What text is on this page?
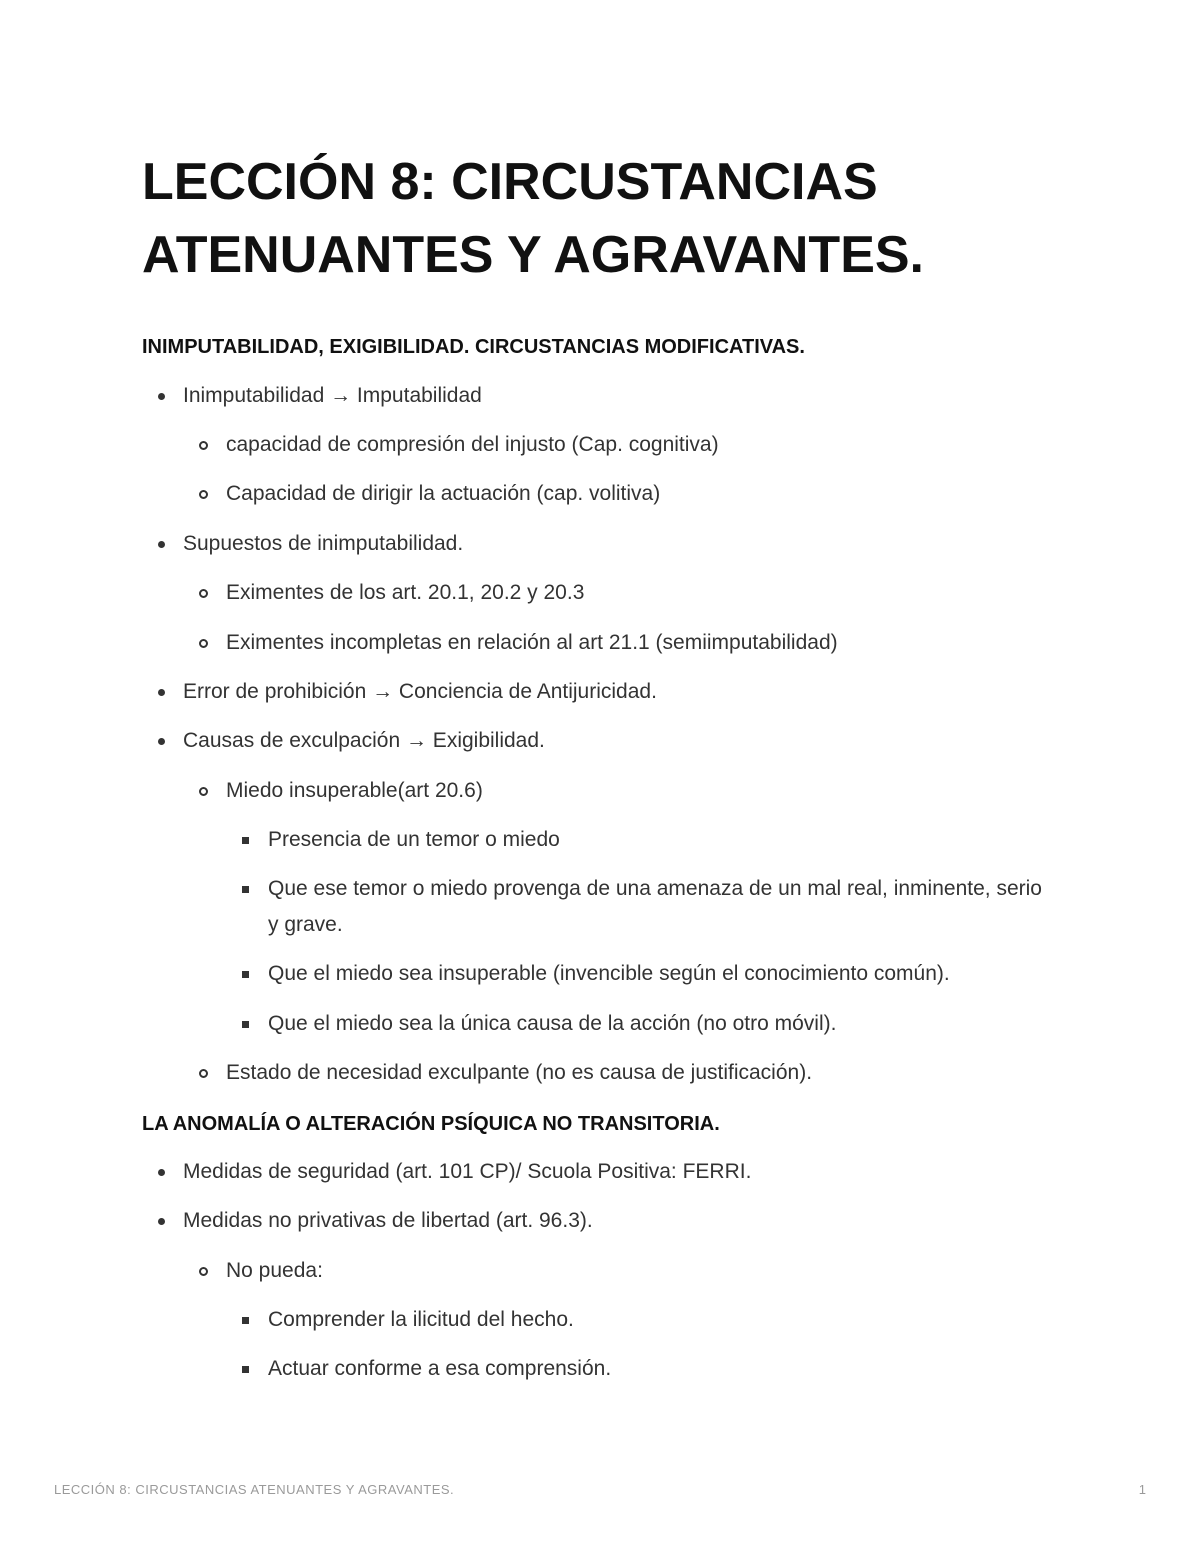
LECCIÓN 8: CIRCUSTANCIAS ATENUANTES Y AGRAVANTES.
INIMPUTABILIDAD, EXIGIBILIDAD. CIRCUSTANCIAS MODIFICATIVAS.
Inimputabilidad → Imputabilidad
capacidad de compresión del injusto (Cap. cognitiva)
Capacidad de dirigir la actuación (cap. volitiva)
Supuestos de inimputabilidad.
Eximentes de los art. 20.1, 20.2 y 20.3
Eximentes incompletas en relación al art 21.1 (semiimputabilidad)
Error de prohibición → Conciencia de Antijuricidad.
Causas de exculpación → Exigibilidad.
Miedo insuperable(art 20.6)
Presencia de un temor o miedo
Que ese temor o miedo provenga de una amenaza de un mal real, inminente, serio y grave.
Que el miedo sea insuperable (invencible según el conocimiento común).
Que el miedo sea la única causa de la acción (no otro móvil).
Estado de necesidad exculpante (no es causa de justificación).
LA ANOMALÍA O ALTERACIÓN PSÍQUICA NO TRANSITORIA.
Medidas de seguridad (art. 101 CP)/ Scuola Positiva: FERRI.
Medidas no privativas de libertad (art. 96.3).
No pueda:
Comprender la ilicitud del hecho.
Actuar conforme a esa comprensión.
LECCIÓN 8: CIRCUSTANCIAS ATENUANTES Y AGRAVANTES.	1
